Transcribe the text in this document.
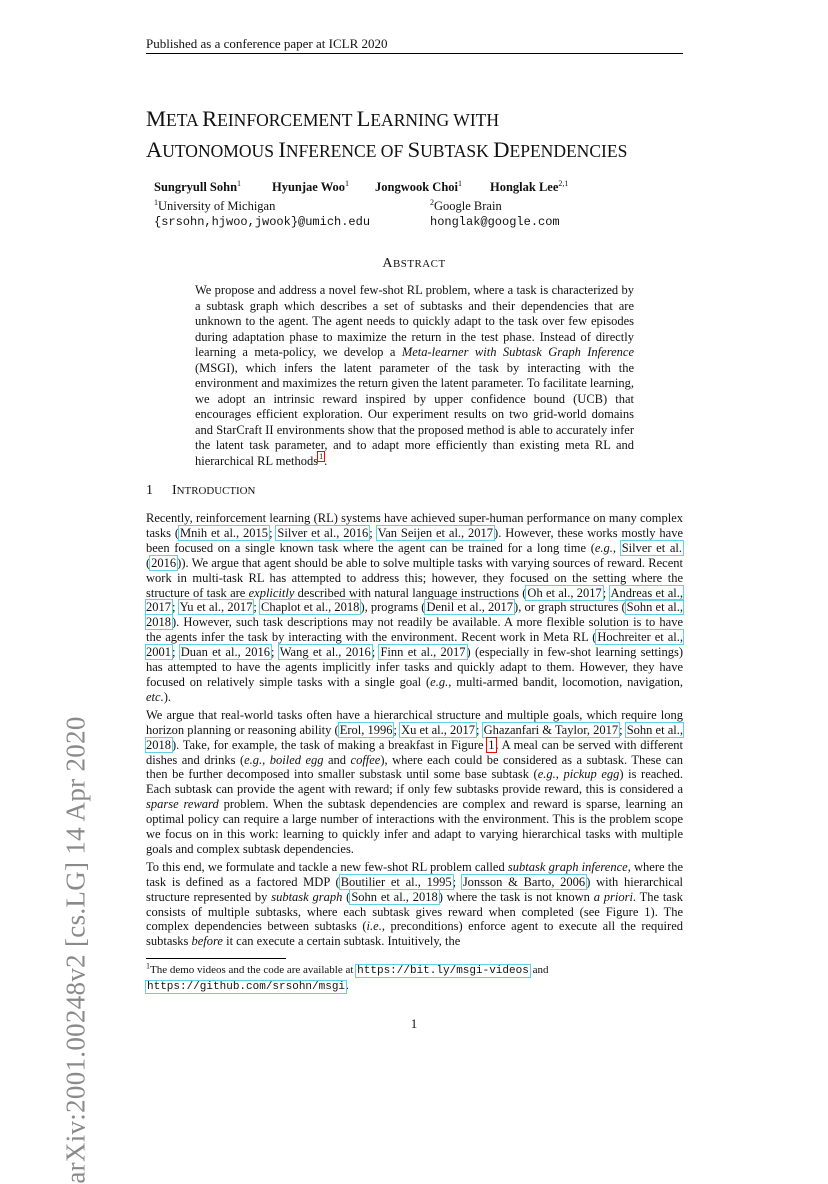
Published as a conference paper at ICLR 2020
arXiv:2001.00248v2 [cs.LG] 14 Apr 2020
META REINFORCEMENT LEARNING WITH
AUTONOMOUS INFERENCE OF SUBTASK DEPENDENCIES
Sungryull Sohn$^1$ Hyunjae Woo$^1$ Jongwook Choi$^1$ Honglak Lee$^{2,1}$
$^1$University of Michigan
{srsohn,hjwoo,jwook}@umich.edu
$^2$Google Brain
honglak@google.com
ABSTRACT
We propose and address a novel few-shot RL problem, where a task is characterized by a subtask graph which describes a set of subtasks and their dependencies that are unknown to the agent. The agent needs to quickly adapt to the task over few episodes during adaptation phase to maximize the return in the test phase. Instead of directly learning a meta-policy, we develop a Meta-learner with Subtask Graph Inference (MSGI), which infers the latent parameter of the task by interacting with the environment and maximizes the return given the latent parameter. To facilitate learning, we adopt an intrinsic reward inspired by upper confidence bound (UCB) that encourages efficient exploration. Our experiment results on two grid-world domains and StarCraft II environments show that the proposed method is able to accurately infer the latent task parameter, and to adapt more efficiently than existing meta RL and hierarchical RL methods$^1$.
1 INTRODUCTION

Recently, reinforcement learning (RL) systems have achieved super-human performance on many complex tasks (Mnih et al., 2015; Silver et al., 2016; Van Seijen et al., 2017). However, these works mostly have been focused on a single known task where the agent can be trained for a long time (e.g., Silver et al. (2016)). We argue that agent should be able to solve multiple tasks with varying sources of reward. Recent work in multi-task RL has attempted to address this; however, they focused on the setting where the structure of task are explicitly described with natural language instructions (Oh et al., 2017; Andreas et al., 2017; Yu et al., 2017; Chaplot et al., 2018), programs (Denil et al., 2017), or graph structures (Sohn et al., 2018). However, such task descriptions may not readily be available. A more flexible solution is to have the agents infer the task by interacting with the environment. Recent work in Meta RL (Hochreiter et al., 2001; Duan et al., 2016; Wang et al., 2016; Finn et al., 2017) (especially in few-shot learning settings) has attempted to have the agents implicitly infer tasks and quickly adapt to them. However, they have focused on relatively simple tasks with a single goal (e.g., multi-armed bandit, locomotion, navigation, etc.).

We argue that real-world tasks often have a hierarchical structure and multiple goals, which require long horizon planning or reasoning ability (Erol, 1996; Xu et al., 2017; Ghazanfari & Taylor, 2017; Sohn et al., 2018). Take, for example, the task of making a breakfast in Figure 1. A meal can be served with different dishes and drinks (e.g., boiled egg and coffee), where each could be considered as a subtask. These can then be further decomposed into smaller substask until some base subtask (e.g., pickup egg) is reached. Each subtask can provide the agent with reward; if only few subtasks provide reward, this is considered a sparse reward problem. When the subtask dependencies are complex and reward is sparse, learning an optimal policy can require a large number of interactions with the environment. This is the problem scope we focus on in this work: learning to quickly infer and adapt to varying hierarchical tasks with multiple goals and complex subtask dependencies.

To this end, we formulate and tackle a new few-shot RL problem called subtask graph inference, where the task is defined as a factored MDP (Boutilier et al., 1995; Jonsson & Barto, 2006) with hierarchical structure represented by subtask graph (Sohn et al., 2018) where the task is not known a priori. The task consists of multiple subtasks, where each subtask gives reward when completed (see Figure 1). The complex dependencies between subtasks (i.e., preconditions) enforce agent to execute all the required subtasks before it can execute a certain subtask. Intuitively, the

$^1$The demo videos and the code are available at https://bit.ly/msgi-videos and
https://github.com/srsohn/msgi.
1
